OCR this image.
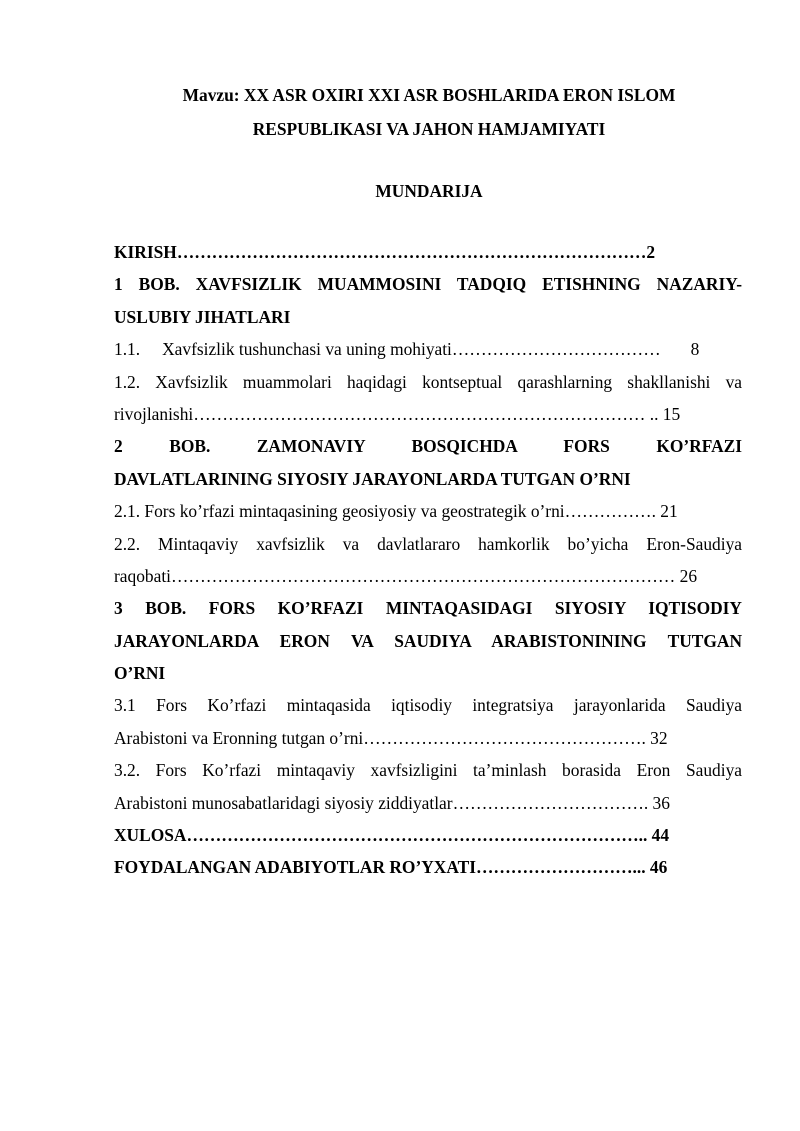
Mavzu: XX ASR OXIRI XXI ASR BOSHLARIDA ERON ISLOM
RESPUBLIKASI VA JAHON HAMJAMIYATI
MUNDARIJA
KIRISH………………………………………………………………………2
1 BOB. XAVFSIZLIK MUAMMOSINI TADQIQ ETISHNING NAZARIY-
USLUBIY JIHATLARI
1.1. Xavfsizlik tushunchasi va uning mohiyati……………………………… 8
1.2. Xavfsizlik muammolari haqidagi kontseptual qarashlarning shakllanishi va
rivojlanishi…………………………………………………………………… .. 15
2 BOB. ZAMONAVIY BOSQICHDA FORS KO’RFAZI
DAVLATLARINING SIYOSIY JARAYONLARDA TUTGAN O’RNI
2.1. Fors ko’rfazi mintaqasining geosiyosiy va geostrategik o’rni……………. 21
2.2. Mintaqaviy xavfsizlik va davlatlararo hamkorlik bo’yicha Eron-Saudiya
raqobati…………………………………………………………………………… 26
3 BOB. FORS KO’RFAZI MINTAQASIDAGI SIYOSIY IQTISODIY
JARAYONLARDA ERON VA SAUDIYA ARABISTONINING TUTGAN
O’RNI
3.1 Fors Ko’rfazi mintaqasida iqtisodiy integratsiya jarayonlarida Saudiya
Arabistoni va Eronning tutgan o’rni…………………………………………. 32
3.2. Fors Ko’rfazi mintaqaviy xavfsizligini ta’minlash borasida Eron Saudiya
Arabistoni munosabatlaridagi siyosiy ziddiyatlar……………………………. 36
XULOSA…………………………………………………………………….. 44
FOYDALANGAN ADABIYOTLAR RO’YXATI………………………... 46
